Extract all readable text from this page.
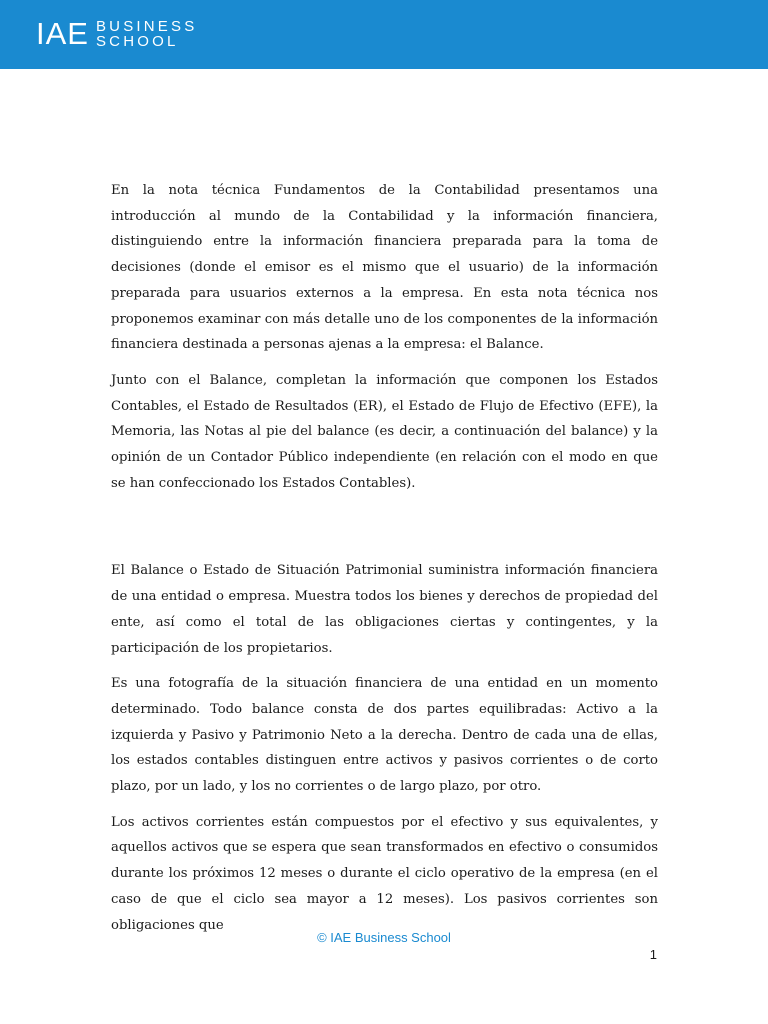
IAE BUSINESS
SCHOOL

En la nota técnica Fundamentos de la Contabilidad presentamos una introducción al mundo de la Contabilidad y la información financiera, distinguiendo entre la información financiera preparada para la toma de decisiones (donde el emisor es el mismo que el usuario) de la información preparada para usuarios externos a la empresa. En esta nota técnica nos proponemos examinar con más detalle uno de los componentes de la información financiera destinada a personas ajenas a la empresa: el Balance.

Junto con el Balance, completan la información que componen los Estados Contables, el Estado de Resultados (ER), el Estado de Flujo de Efectivo (EFE), la Memoria, las Notas al pie del balance (es decir, a continuación del balance) y la opinión de un Contador Público independiente (en relación con el modo en que se han confeccionado los Estados Contables).

El Balance o Estado de Situación Patrimonial suministra información financiera de una entidad o empresa. Muestra todos los bienes y derechos de propiedad del ente, así como el total de las obligaciones ciertas y contingentes, y la participación de los propietarios.

Es una fotografía de la situación financiera de una entidad en un momento determinado. Todo balance consta de dos partes equilibradas: Activo a la izquierda y Pasivo y Patrimonio Neto a la derecha. Dentro de cada una de ellas, los estados contables distinguen entre activos y pasivos corrientes o de corto plazo, por un lado, y los no corrientes o de largo plazo, por otro.

Los activos corrientes están compuestos por el efectivo y sus equivalentes, y aquellos activos que se espera que sean transformados en efectivo o consumidos durante los próximos 12 meses o durante el ciclo operativo de la empresa (en el caso de que el ciclo sea mayor a 12 meses). Los pasivos corrientes son obligaciones que

© IAE Business School
1
